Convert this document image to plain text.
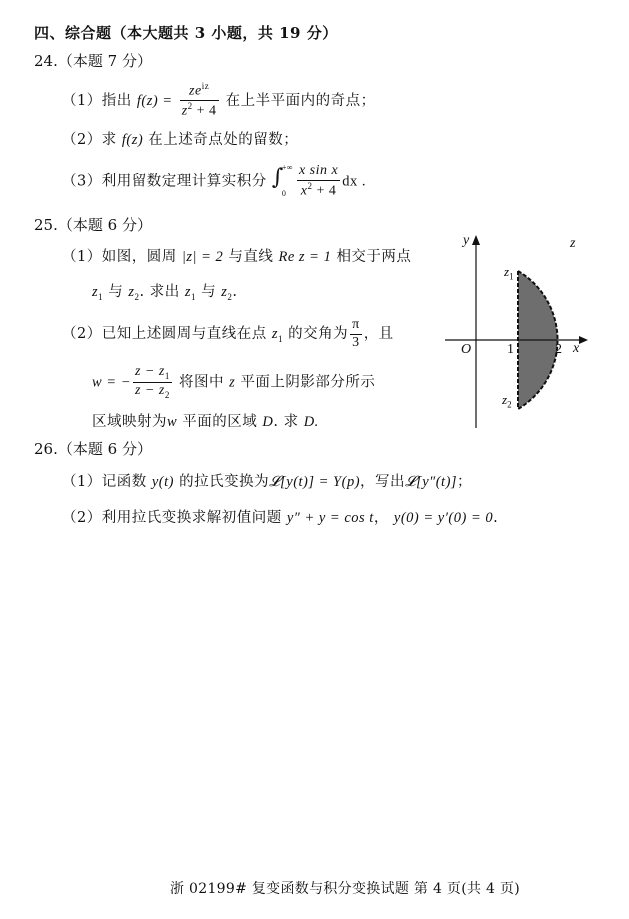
四、综合题（本大题共 3 小题，共 19 分）
24.（本题 7 分）
（1）指出 $f(z) = \frac{ze^{iz}}{z^2 + 4}$ 在上半平面内的奇点；
（2）求 f(z) 在上述奇点处的留数；
（3）利用留数定理计算实积分 ∫
+∞
0
$\frac{\text{x sin x}}{x^2 + 4}$ dx .
25.（本题 6 分）
（1）如图，圆周 |z| = 2 与直线 Re z = 1 相交于两点
$z_1$ 与 $z_2$. 求出 $z_1$ 与 $z_2$.
（2）已知上述圆周与直线在点 $z_1$ 的交角为 $\frac{\pi}{3}$ ，且
w = − $\frac{z - z_1}{z - z_2}$ 将图中 z 平面上阴影部分所示
区域映射为w 平面的区域 D. 求 D.
y	z
$z_1$
O	1	2 x
$z_2$
26.（本题 6 分）
（1）记函数 y(t) 的拉氏变换为𝓛[y(t)] = Y(p)，写出𝓛[y″(t)]；
（2）利用拉氏变换求解初值问题 y″ + y = cos t， y(0) = y′(0) = 0.
浙 02199# 复变函数与积分变换试题 第 4 页(共 4 页)
